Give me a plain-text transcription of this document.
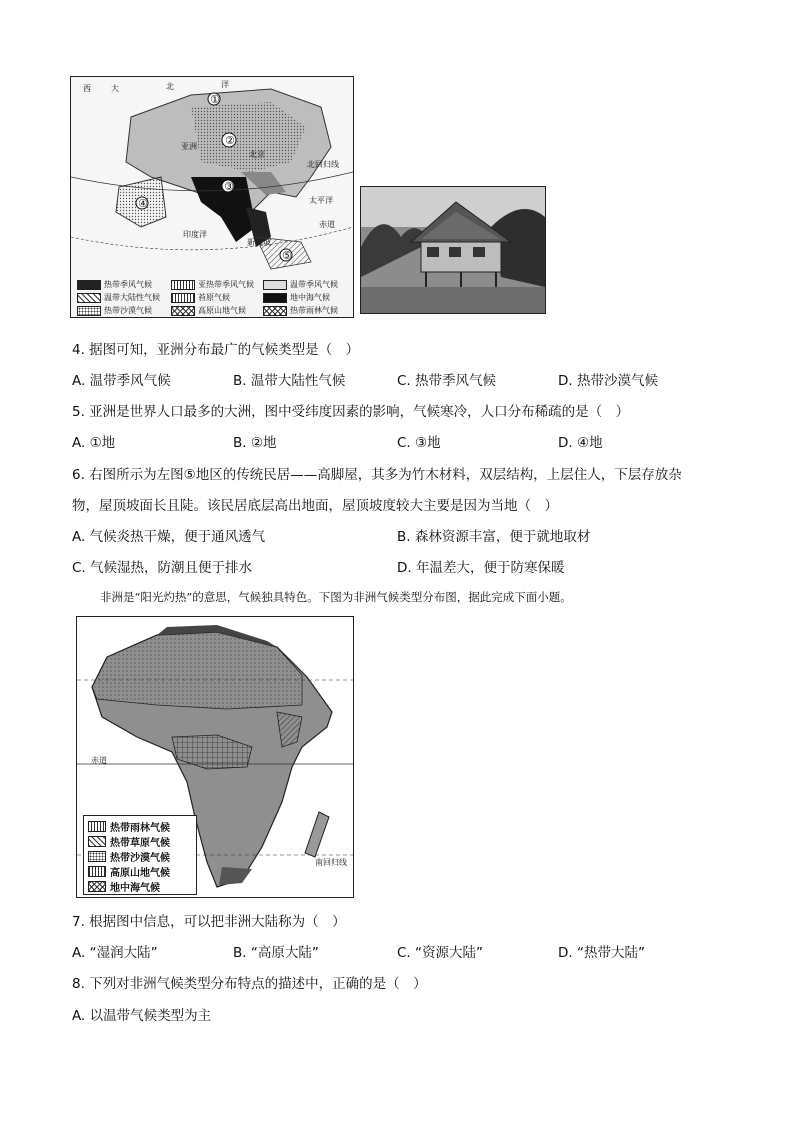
①
②
③
④
⑤
西	大	北	洋
亚洲
北京
北回归线
太平洋
印度洋
新加坡
赤道
热带季风气候	亚热带季风气候	温带季风气候
温带大陆性气候	苔原气候	地中海气候
热带沙漠气候	高原山地气候	热带雨林气候
4. 据图可知，亚洲分布最广的气候类型是（　）
A. 温带季风气候	B. 温带大陆性气候	C. 热带季风气候	D. 热带沙漠气候
5. 亚洲是世界人口最多的大洲，图中受纬度因素的影响，气候寒冷，人口分布稀疏的是（　）
A. ①地	B. ②地	C. ③地	D. ④地
6. 右图所示为左图⑤地区的传统民居——高脚屋，其多为竹木材料，双层结构，上层住人，下层存放杂
物，屋顶坡面长且陡。该民居底层高出地面，屋顶坡度较大主要是因为当地（　）
A. 气候炎热干燥，便于通风透气	B. 森林资源丰富，便于就地取材
C. 气候湿热，防潮且便于排水	D. 年温差大，便于防寒保暖
非洲是“阳光灼热”的意思，气候独具特色。下图为非洲气候类型分布图，据此完成下面小题。
赤道
南回归线
热带雨林气候
热带草原气候
热带沙漠气候
高原山地气候
地中海气候
7. 根据图中信息，可以把非洲大陆称为（　）
A. “湿润大陆”	B. “高原大陆”	C. “资源大陆”	D. “热带大陆”
8. 下列对非洲气候类型分布特点的描述中，正确的是（　）
A. 以温带气候类型为主
